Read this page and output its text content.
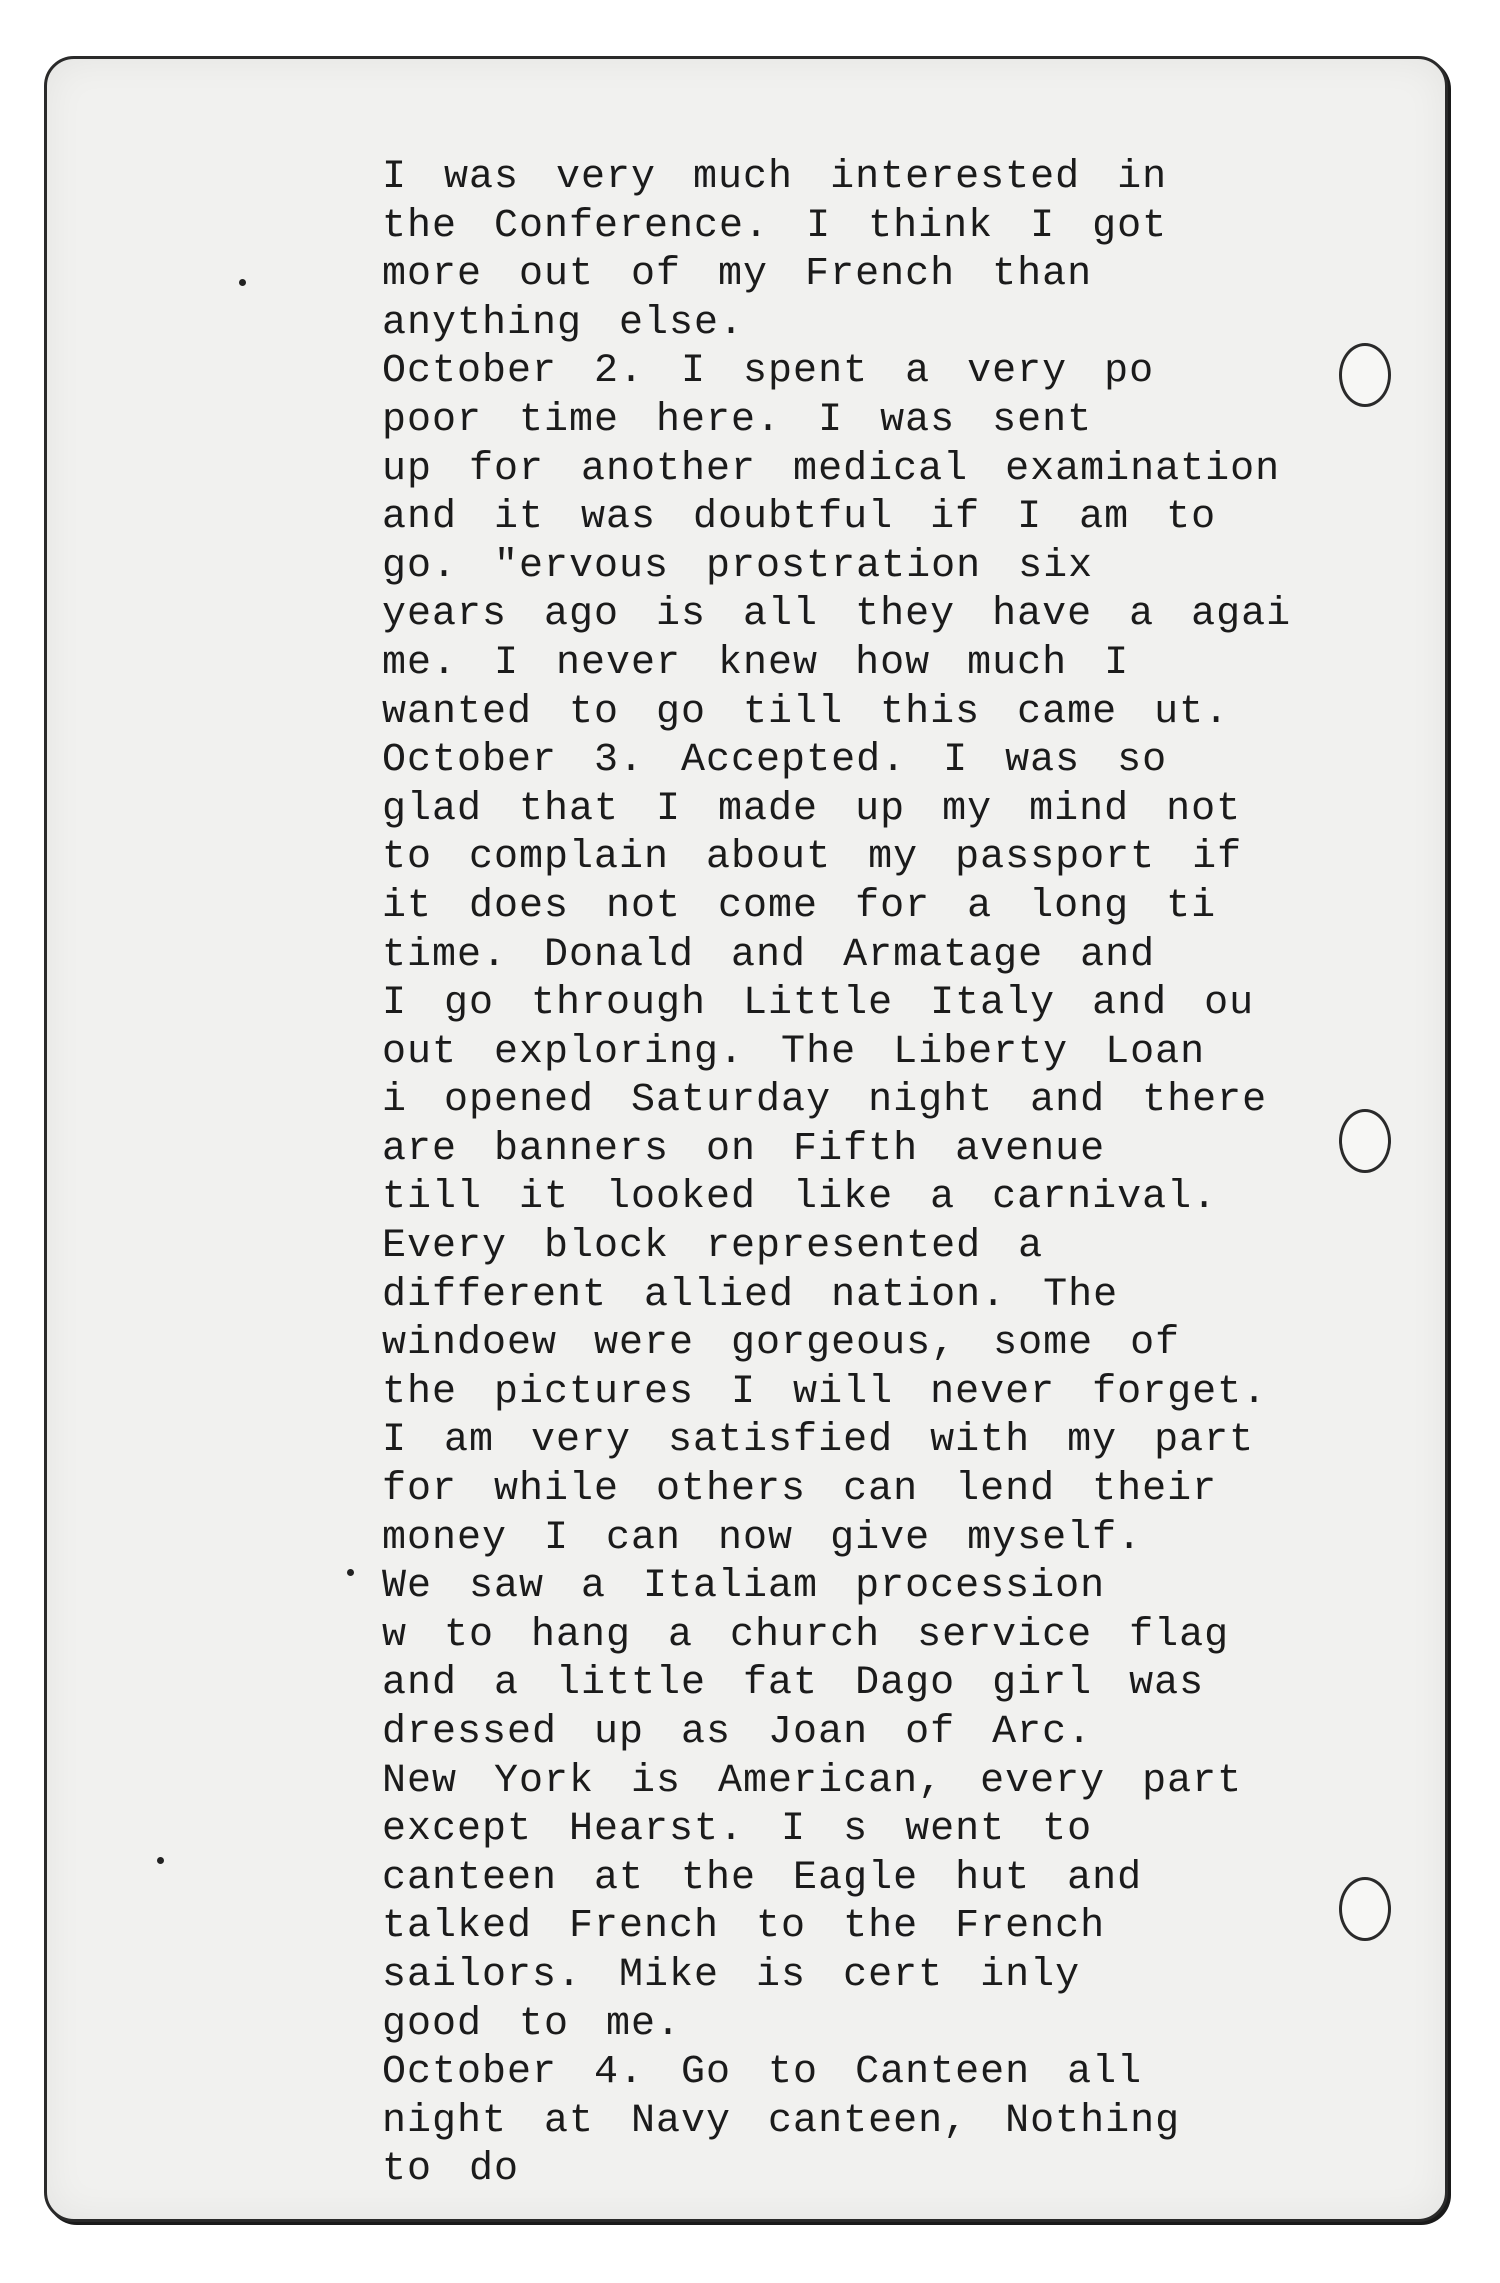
I was very much interested in
the Conference. I think I got
more out of my French than
anything else.
October 2. I spent a very po
poor time here. I was sent
up for another medical examination
and it was doubtful if I am to
go. "ervous prostration six
years ago is all they have a agai
me. I never knew how much I
wanted to go till this came ut.
October 3. Accepted. I was so
glad that I made up my mind not
to complain about my passport if
it does not come for a long ti
time. Donald and Armatage and
I go through Little Italy and ou
out exploring. The Liberty Loan
i opened Saturday night and there
are banners on Fifth avenue
till it looked like a carnival.
Every block represented a
different allied nation. The
windoew were gorgeous, some of
the pictures I will never forget.
I am very satisfied with my part
for while others can lend their
money I can now give myself.
We saw a Italiam procession
w to hang a church service flag
and a little fat Dago girl was
dressed up as Joan of Arc.
New York is American, every part
except Hearst. I s went to
canteen at the Eagle hut and
talked French to the French
sailors. Mike is cert inly
good to me.
October 4. Go to Canteen all
night at Navy canteen, Nothing
to do
